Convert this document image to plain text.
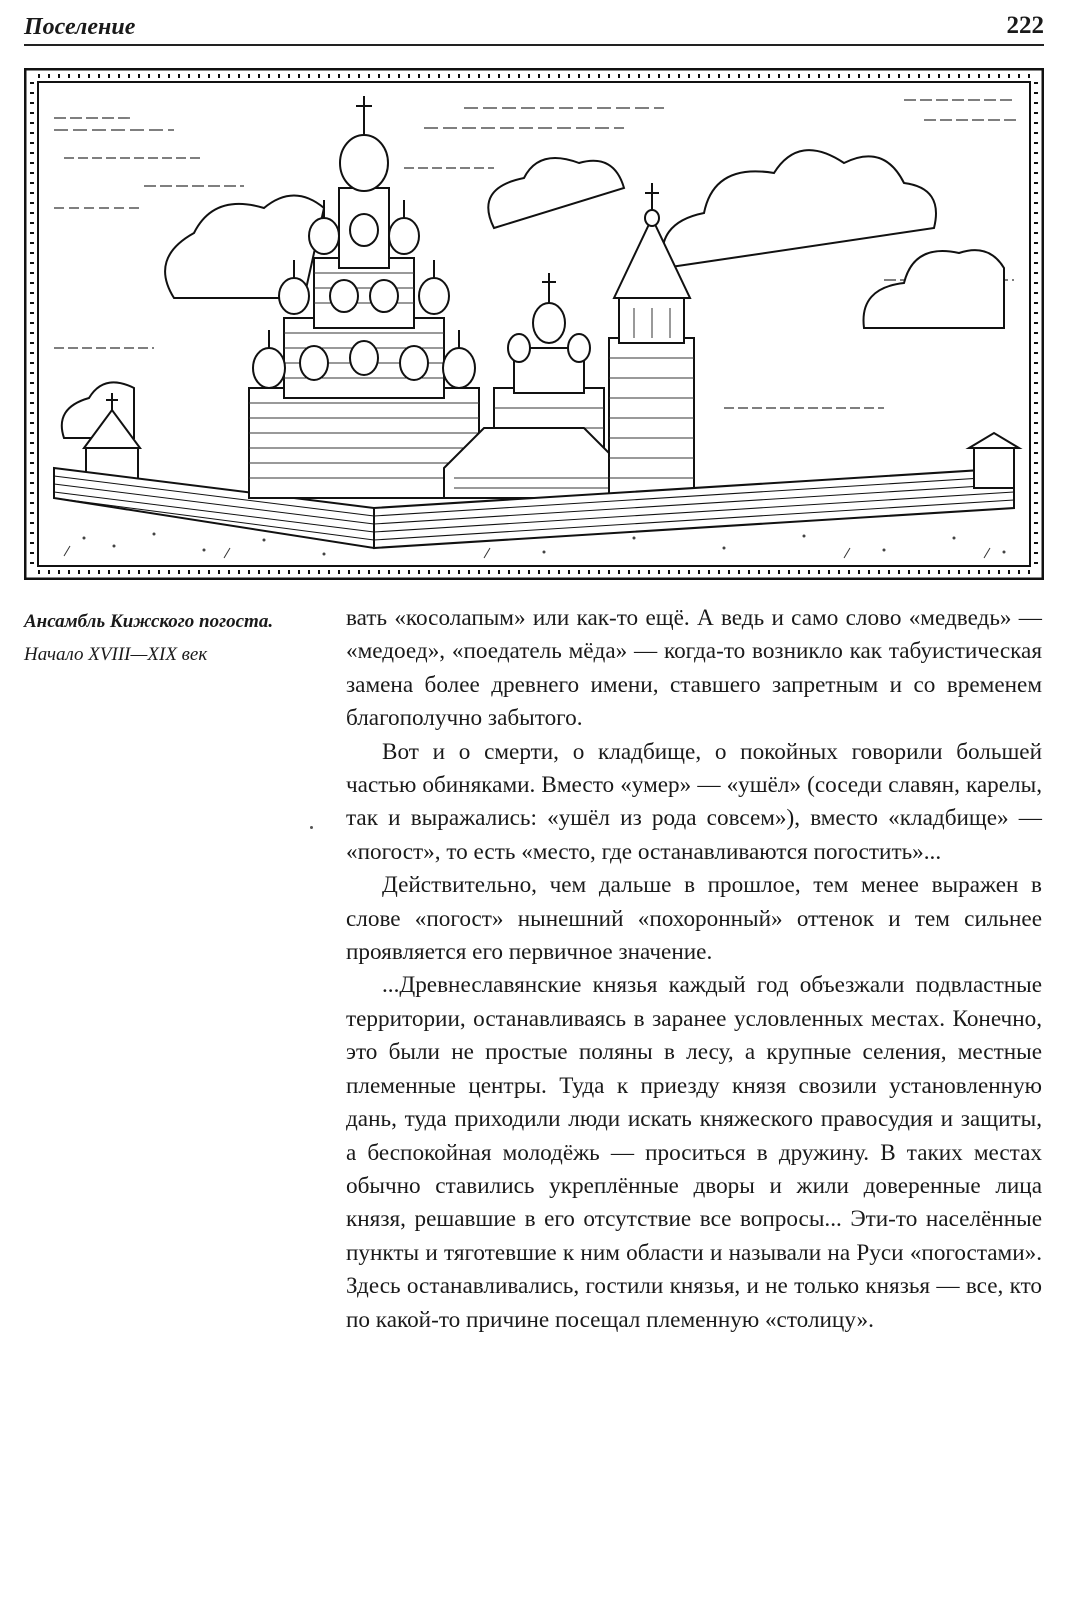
Поселение	222
Ансамбль Кижского погоста.
Начало XVIII—XIX век

вать «косолапым» или как-то ещё. А ведь и само слово «медведь» — «медоед», «поедатель мёда» — когда-то возникло как табуистическая замена более древнего имени, ставшего запретным и со временем благополучно забытого.

Вот и о смерти, о кладбище, о покойных говорили большей частью обиняками. Вместо «умер» — «ушёл» (соседи славян, карелы, так и выражались: «ушёл из рода совсем»), вместо «кладбище» — «погост», то есть «место, где останавливаются погостить»...

Действительно, чем дальше в прошлое, тем менее выражен в слове «погост» нынешний «похоронный» оттенок и тем сильнее проявляется его первичное значение.

...Древнеславянские князья каждый год объезжали подвластные территории, останавливаясь в заранее условленных местах. Конечно, это были не простые поляны в лесу, а крупные селения, местные племенные центры. Туда к приезду князя свозили установленную дань, туда приходили люди искать княжеского правосудия и защиты, а беспокойная молодёжь — проситься в дружину. В таких местах обычно ставились укреплённые дворы и жили доверенные лица князя, решавшие в его отсутствие все вопросы... Эти-то населённые пункты и тяготевшие к ним области и называли на Руси «погостами». Здесь останавливались, гостили князья, и не только князья — все, кто по какой-то причине посещал племенную «столицу».
